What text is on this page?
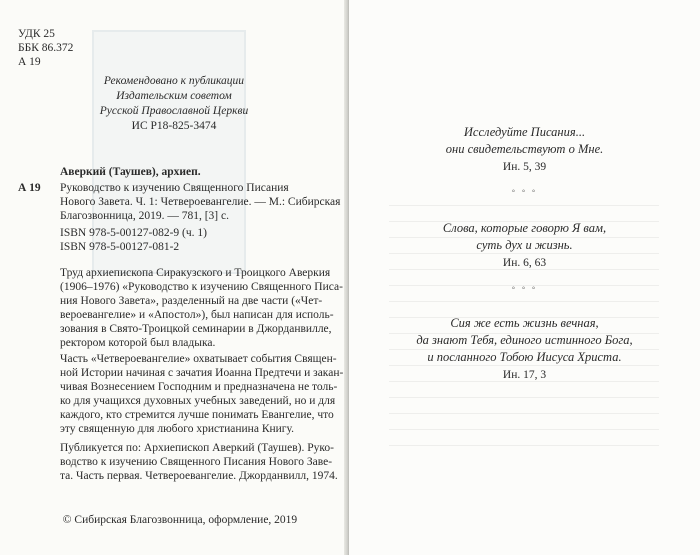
УДК 25
ББК 86.372
А 19
Рекомендовано к публикации
Издательским советом
Русской Православной Церкви
ИС Р18-825-3474
Аверкий (Таушев), архиеп.
А 19 Руководство к изучению Священного Писания
Нового Завета. Ч. 1: Четвероевангелие. — М.: Сибирская
Благозвонница, 2019. — 781, [3] с.
ISBN 978-5-00127-082-9 (ч. 1)
ISBN 978-5-00127-081-2
Труд архиепископа Сиракузского и Троицкого Аверкия
(1906–1976) «Руководство к изучению Священного Писа-
ния Нового Завета», разделенный на две части («Чет-
вероевангелие» и «Апостол»), был написан для исполь-
зования в Свято-Троицкой семинарии в Джорданвилле,
ректором которой был владыка.
Часть «Четвероевангелие» охватывает события Священ-
ной Истории начиная с зачатия Иоанна Предтечи и закан-
чивая Вознесением Господним и предназначена не толь-
ко для учащихся духовных учебных заведений, но и для
каждого, кто стремится лучше понимать Евангелие, что
эту священную для любого христианина Книгу.
Публикуется по: Архиепископ Аверкий (Таушев). Руко-
водство к изучению Священного Писания Нового Заве-
та. Часть первая. Четвероевангелие. Джорданвилл, 1974.
© Сибирская Благозвонница, оформление, 2019
Исследуйте Писания...
они свидетельствуют о Мне.
Ин. 5, 39
◦ ◦ ◦
Слова, которые говорю Я вам,
суть дух и жизнь.
Ин. 6, 63
◦ ◦ ◦
Сия же есть жизнь вечная,
да знают Тебя, единого истинного Бога,
и посланного Тобою Иисуса Христа.
Ин. 17, 3
